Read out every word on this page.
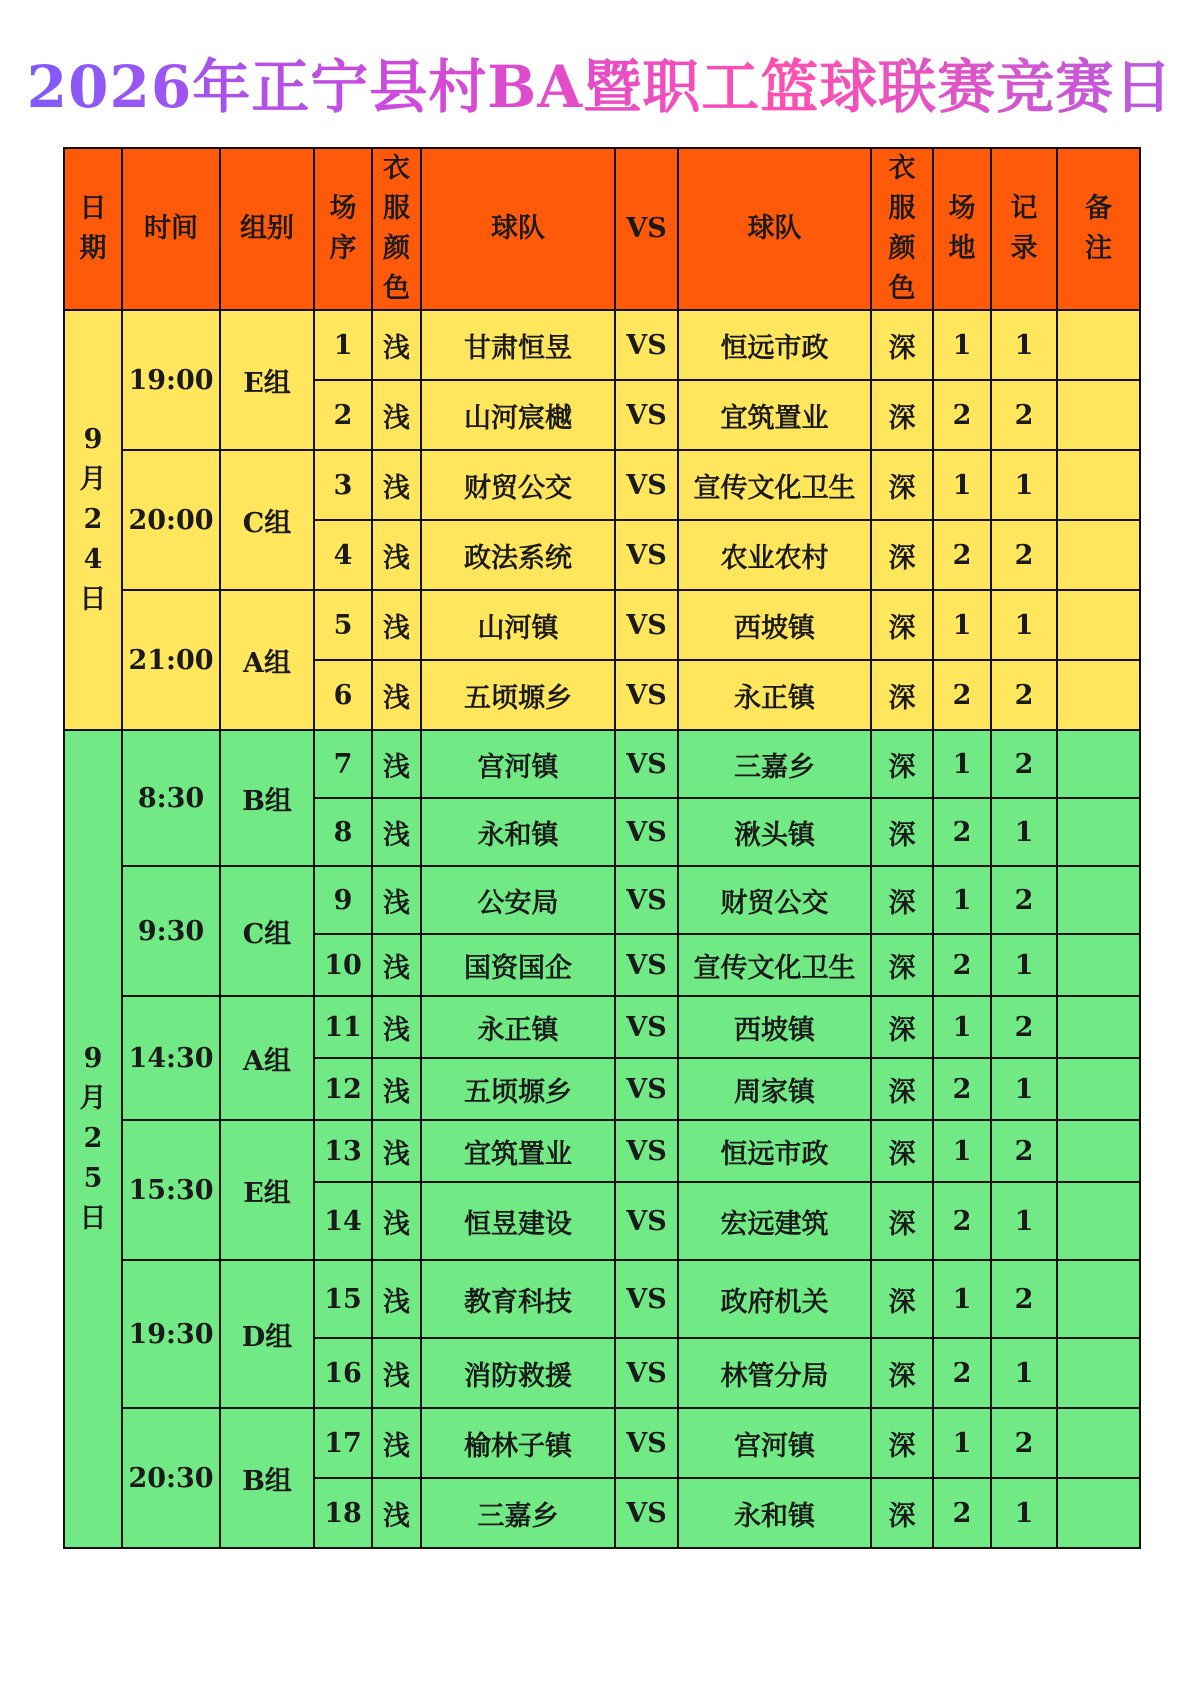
2026年正宁县村BA暨职工篮球联赛竞赛日
日期	时间	组别	场序	衣服颜色	球队	VS	球队	衣服颜色	场地	记录	备注
9月24日	19:00	E组	1	浅	甘肃恒昱	VS	恒远市政	深	1	1	
			2	浅	山河宸樾	VS	宜筑置业	深	2	2	
	20:00	C组	3	浅	财贸公交	VS	宣传文化卫生	深	1	1	
			4	浅	政法系统	VS	农业农村	深	2	2	
	21:00	A组	5	浅	山河镇	VS	西坡镇	深	1	1	
			6	浅	五顷塬乡	VS	永正镇	深	2	2	
9月25日	8:30	B组	7	浅	宫河镇	VS	三嘉乡	深	1	2	
			8	浅	永和镇	VS	湫头镇	深	2	1	
	9:30	C组	9	浅	公安局	VS	财贸公交	深	1	2	
			10	浅	国资国企	VS	宣传文化卫生	深	2	1	
	14:30	A组	11	浅	永正镇	VS	西坡镇	深	1	2	
			12	浅	五顷塬乡	VS	周家镇	深	2	1	
	15:30	E组	13	浅	宜筑置业	VS	恒远市政	深	1	2	
			14	浅	恒昱建设	VS	宏远建筑	深	2	1	
	19:30	D组	15	浅	教育科技	VS	政府机关	深	1	2	
			16	浅	消防救援	VS	林管分局	深	2	1	
	20:30	B组	17	浅	榆林子镇	VS	宫河镇	深	1	2	
			18	浅	三嘉乡	VS	永和镇	深	2	1	
